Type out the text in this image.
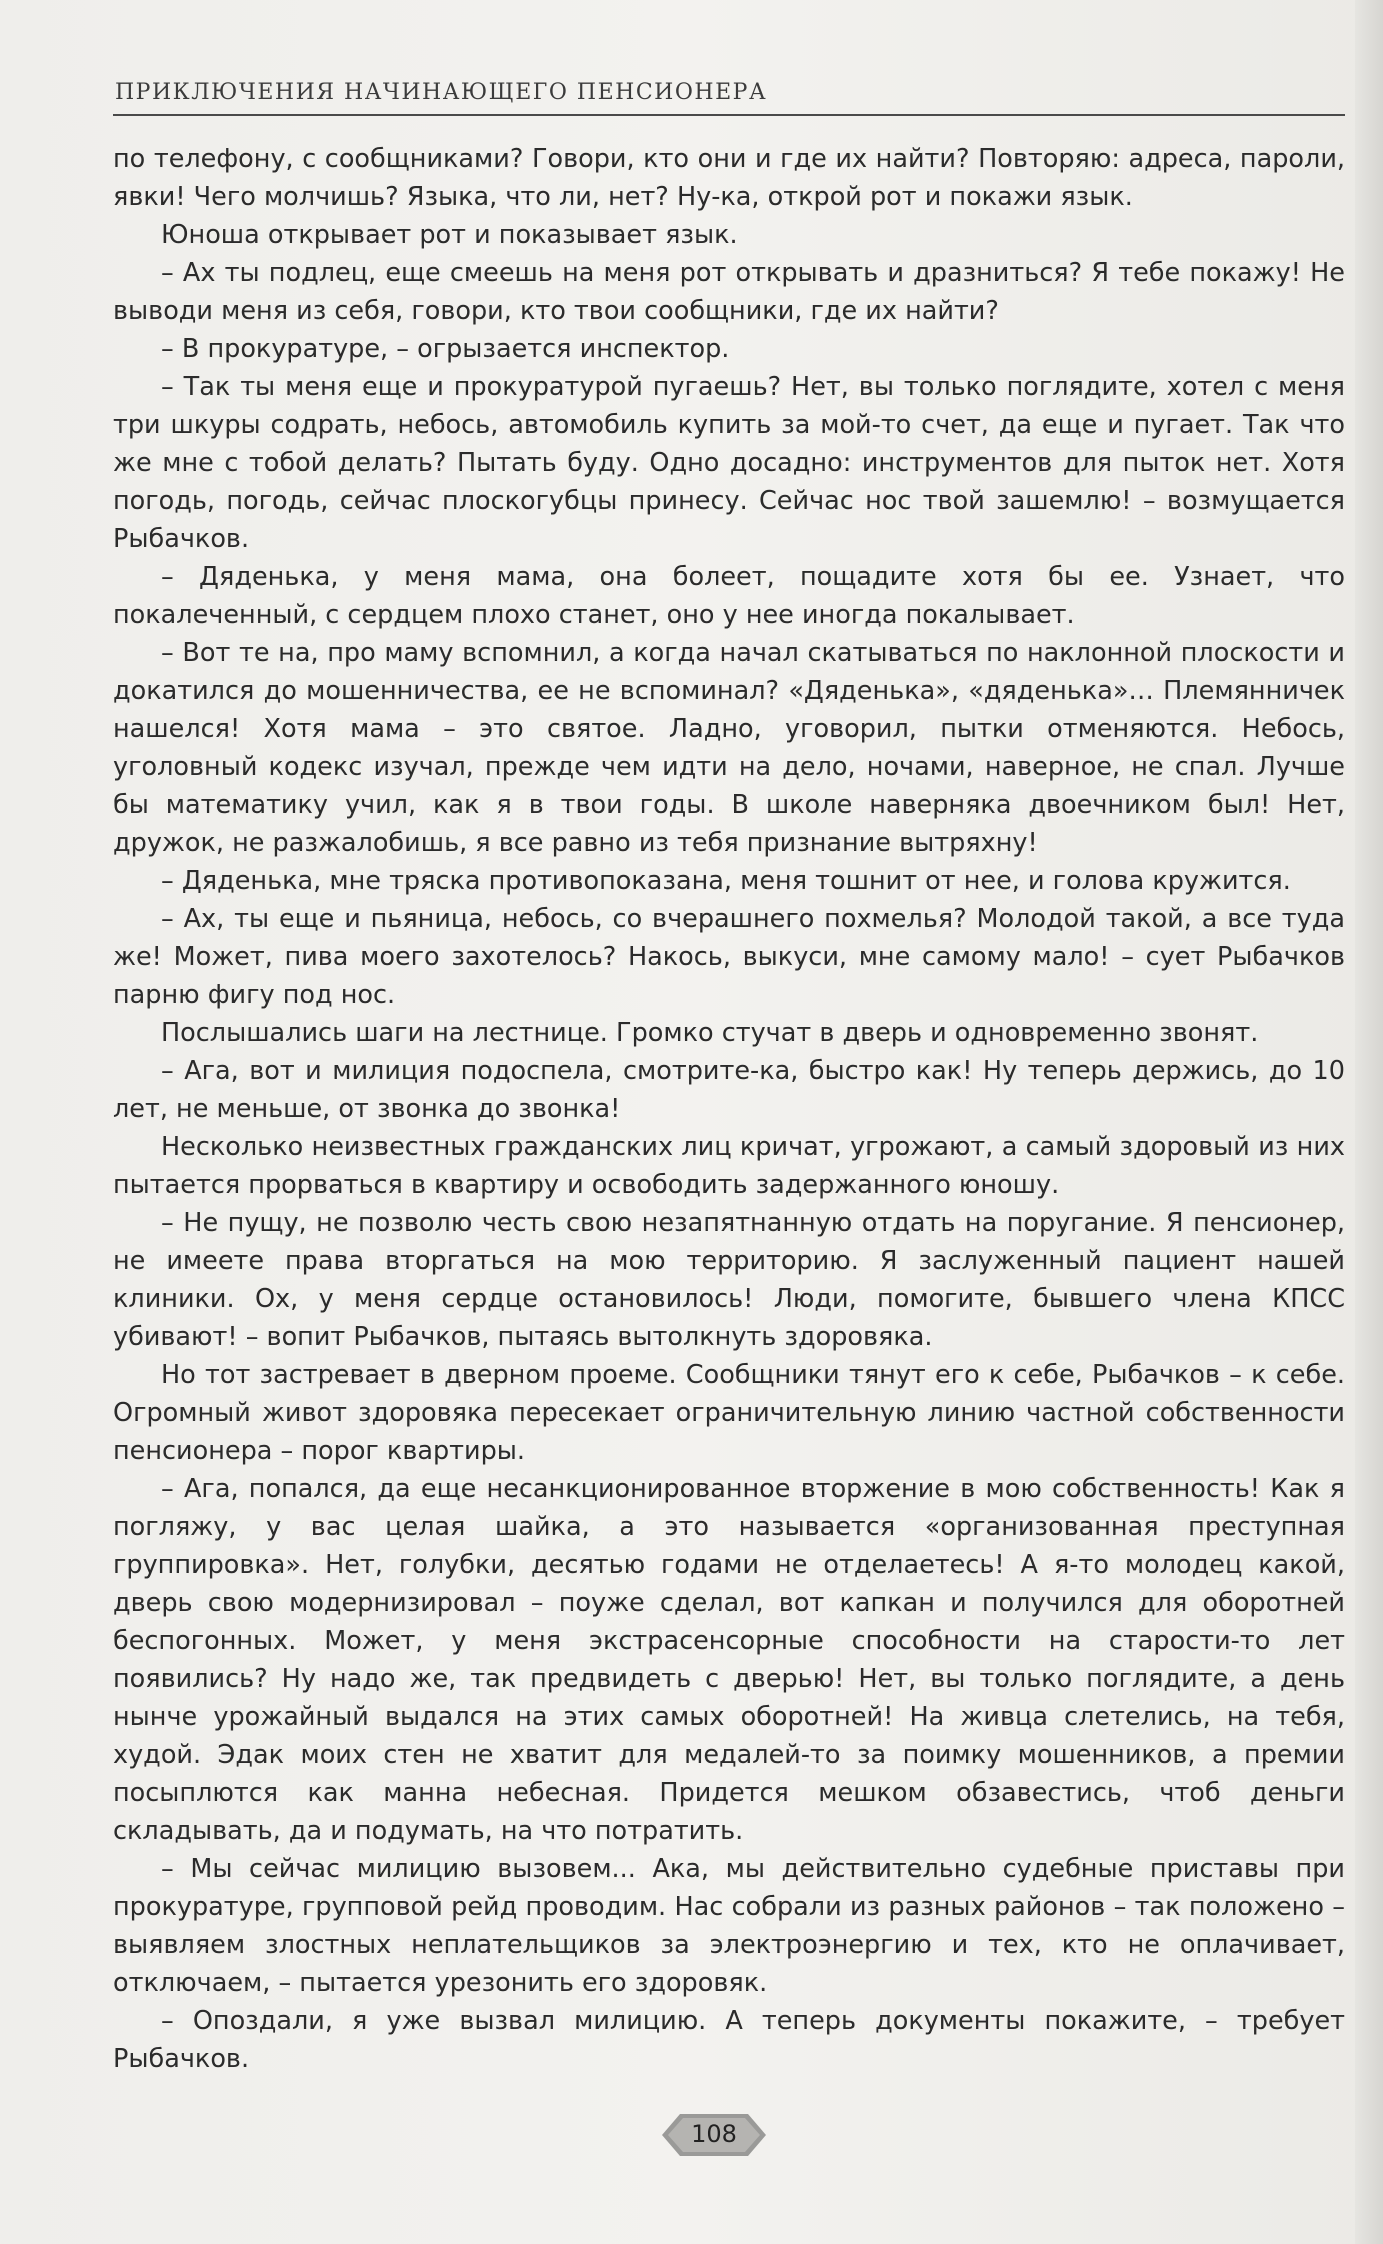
ПРИКЛЮЧЕНИЯ НАЧИНАЮЩЕГО ПЕНСИОНЕРА

по телефону, с сообщниками? Говори, кто они и где их найти? Повторяю: адреса, пароли, явки! Чего молчишь? Языка, что ли, нет? Ну-ка, открой рот и покажи язык.

Юноша открывает рот и показывает язык.

– Ах ты подлец, еще смеешь на меня рот открывать и дразниться? Я тебе покажу! Не выводи меня из себя, говори, кто твои сообщники, где их найти?

– В прокуратуре, – огрызается инспектор.

– Так ты меня еще и прокуратурой пугаешь? Нет, вы только поглядите, хотел с меня три шкуры содрать, небось, автомобиль купить за мой-то счет, да еще и пугает. Так что же мне с тобой делать? Пытать буду. Одно досадно: инструментов для пыток нет. Хотя погодь, погодь, сейчас плоскогубцы принесу. Сейчас нос твой зашемлю! – возмущается Рыбачков.

– Дяденька, у меня мама, она болеет, пощадите хотя бы ее. Узнает, что покалеченный, с сердцем плохо станет, оно у нее иногда покалывает.

– Вот те на, про маму вспомнил, а когда начал скатываться по наклонной плоскости и докатился до мошенничества, ее не вспоминал? «Дяденька», «дяденька»… Племянничек нашелся! Хотя мама – это святое. Ладно, уговорил, пытки отменяются. Небось, уголовный кодекс изучал, прежде чем идти на дело, ночами, наверное, не спал. Лучше бы математику учил, как я в твои годы. В школе наверняка двоечником был! Нет, дружок, не разжалобишь, я все равно из тебя признание вытряхну!

– Дяденька, мне тряска противопоказана, меня тошнит от нее, и голова кружится.

– Ах, ты еще и пьяница, небось, со вчерашнего похмелья? Молодой такой, а все туда же! Может, пива моего захотелось? Накось, выкуси, мне самому мало! – сует Рыбачков парню фигу под нос.

Послышались шаги на лестнице. Громко стучат в дверь и одновременно звонят.

– Ага, вот и милиция подоспела, смотрите-ка, быстро как! Ну теперь держись, до 10 лет, не меньше, от звонка до звонка!

Несколько неизвестных гражданских лиц кричат, угрожают, а самый здоровый из них пытается прорваться в квартиру и освободить задержанного юношу.

– Не пущу, не позволю честь свою незапятнанную отдать на поругание. Я пенсионер, не имеете права вторгаться на мою территорию. Я заслуженный пациент нашей клиники. Ох, у меня сердце остановилось! Люди, помогите, бывшего члена КПСС убивают! – вопит Рыбачков, пытаясь вытолкнуть здоровяка.

Но тот застревает в дверном проеме. Сообщники тянут его к себе, Рыбачков – к себе. Огромный живот здоровяка пересекает ограничительную линию частной собственности пенсионера – порог квартиры.

– Ага, попался, да еще несанкционированное вторжение в мою собственность! Как я погляжу, у вас целая шайка, а это называется «организованная преступная группировка». Нет, голубки, десятью годами не отделаетесь! А я-то молодец какой, дверь свою модернизировал – поуже сделал, вот капкан и получился для оборотней беспогонных. Может, у меня экстрасенсорные способности на старости-то лет появились? Ну надо же, так предвидеть с дверью! Нет, вы только поглядите, а день нынче урожайный выдался на этих самых оборотней! На живца слетелись, на тебя, худой. Эдак моих стен не хватит для медалей-то за поимку мошенников, а премии посыплются как манна небесная. Придется мешком обзавестись, чтоб деньги складывать, да и подумать, на что потратить.

– Мы сейчас милицию вызовем... Ака, мы действительно судебные приставы при прокуратуре, групповой рейд проводим. Нас собрали из разных районов – так положено – выявляем злостных неплательщиков за электроэнергию и тех, кто не оплачивает, отключаем, – пытается урезонить его здоровяк.

– Опоздали, я уже вызвал милицию. А теперь документы покажите, – требует Рыбачков.

108
